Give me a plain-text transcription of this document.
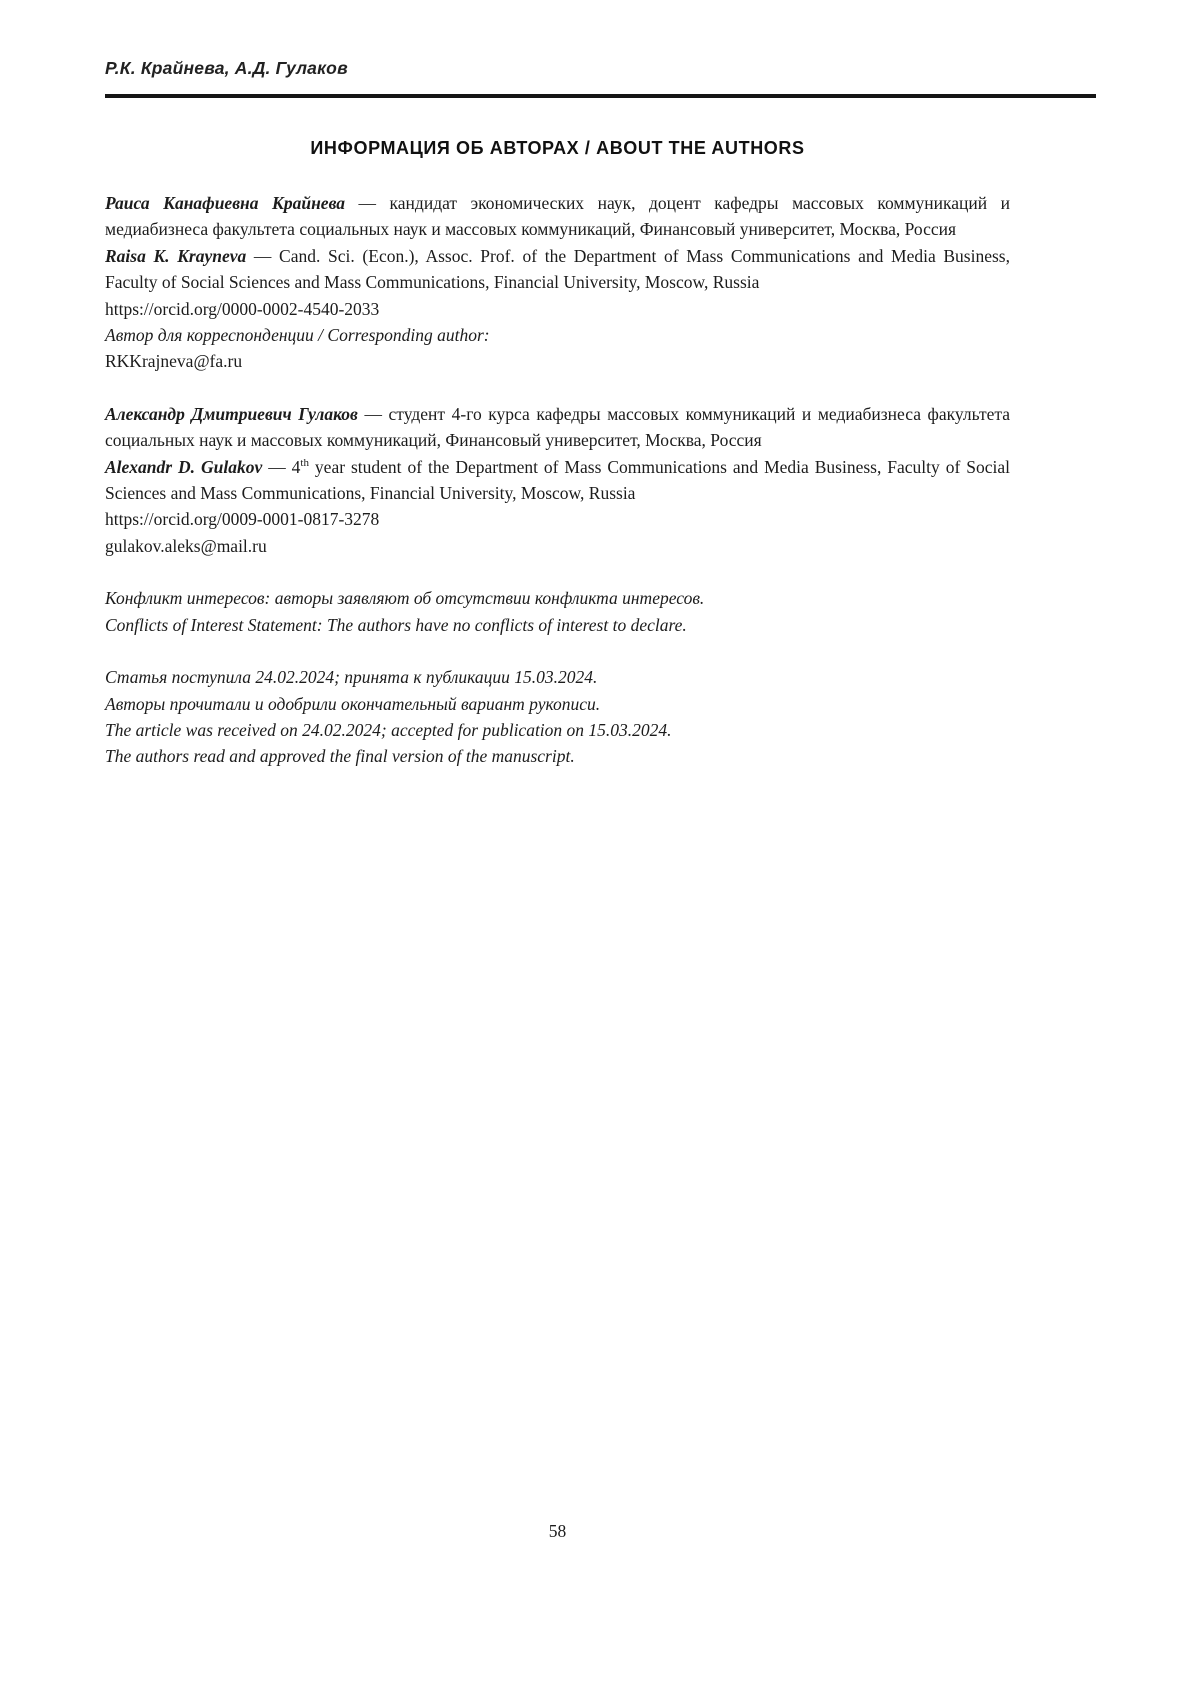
Р.К. Крайнева, А.Д. Гулаков
ИНФОРМАЦИЯ ОБ АВТОРАХ / ABOUT THE AUTHORS

Раиса Канафиевна Крайнева — кандидат экономических наук, доцент кафедры массовых коммуникаций и медиабизнеса факультета социальных наук и массовых коммуникаций, Финансовый университет, Москва, Россия

Raisa K. Krayneva — Cand. Sci. (Econ.), Assoc. Prof. of the Department of Mass Communications and Media Business, Faculty of Social Sciences and Mass Communications, Financial University, Moscow, Russia

https://orcid.org/0000-0002-4540-2033

Автор для корреспонденции / Corresponding author:

RKKrajneva@fa.ru

Александр Дмитриевич Гулаков — студент 4-го курса кафедры массовых коммуникаций и медиабизнеса факультета социальных наук и массовых коммуникаций, Финансовый университет, Москва, Россия

Alexandr D. Gulakov — 4th year student of the Department of Mass Communications and Media Business, Faculty of Social Sciences and Mass Communications, Financial University, Moscow, Russia

https://orcid.org/0009-0001-0817-3278

gulakov.aleks@mail.ru

Конфликт интересов: авторы заявляют об отсутствии конфликта интересов.

Conflicts of Interest Statement: The authors have no conflicts of interest to declare.

Статья поступила 24.02.2024; принята к публикации 15.03.2024.

Авторы прочитали и одобрили окончательный вариант рукописи.

The article was received on 24.02.2024; accepted for publication on 15.03.2024.

The authors read and approved the final version of the manuscript.

58
